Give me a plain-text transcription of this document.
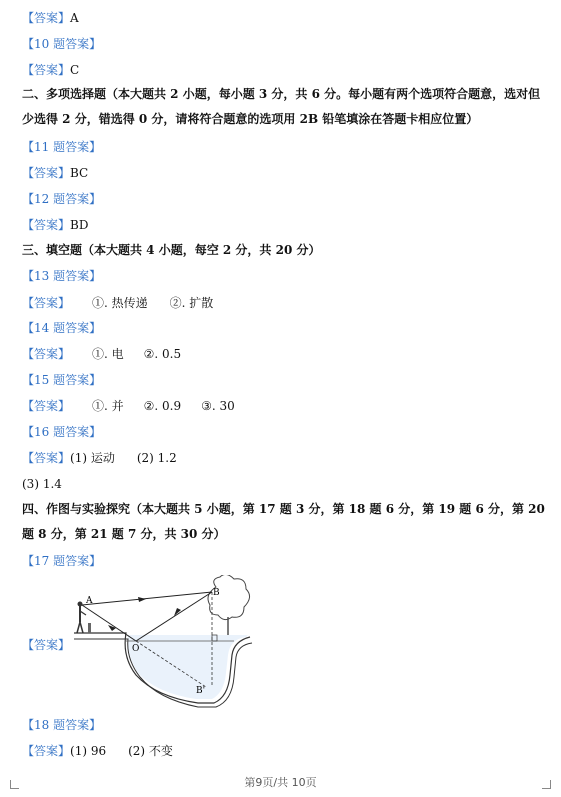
【答案】A
【10 题答案】
【答案】C
二、多项选择题（本大题共 2 小题，每小题 3 分，共 6 分。每小题有两个选项符合题意，选对但少选得 2 分，错选得 0 分，请将符合题意的选项用 2B 铅笔填涂在答题卡相应位置）
【11 题答案】
【答案】BC
【12 题答案】
【答案】BD
三、填空题（本大题共 4 小题，每空 2 分，共 20 分）
【13 题答案】
【答案】 ①. 热传递 ②. 扩散
【14 题答案】
【答案】 ①. 电 ②. 0.5
【15 题答案】
【答案】 ①. 并 ②. 0.9 ③. 30
【16 题答案】
【答案】(1) 运动 (2) 1.2
(3) 1.4
四、作图与实验探究（本大题共 5 小题，第 17 题 3 分，第 18 题 6 分，第 19 题 6 分，第 20 题 8 分，第 21 题 7 分，共 30 分）
【17 题答案】
【答案】
A
B
O
B'
【18 题答案】
【答案】(1) 96 (2) 不变
第9页/共 10页
